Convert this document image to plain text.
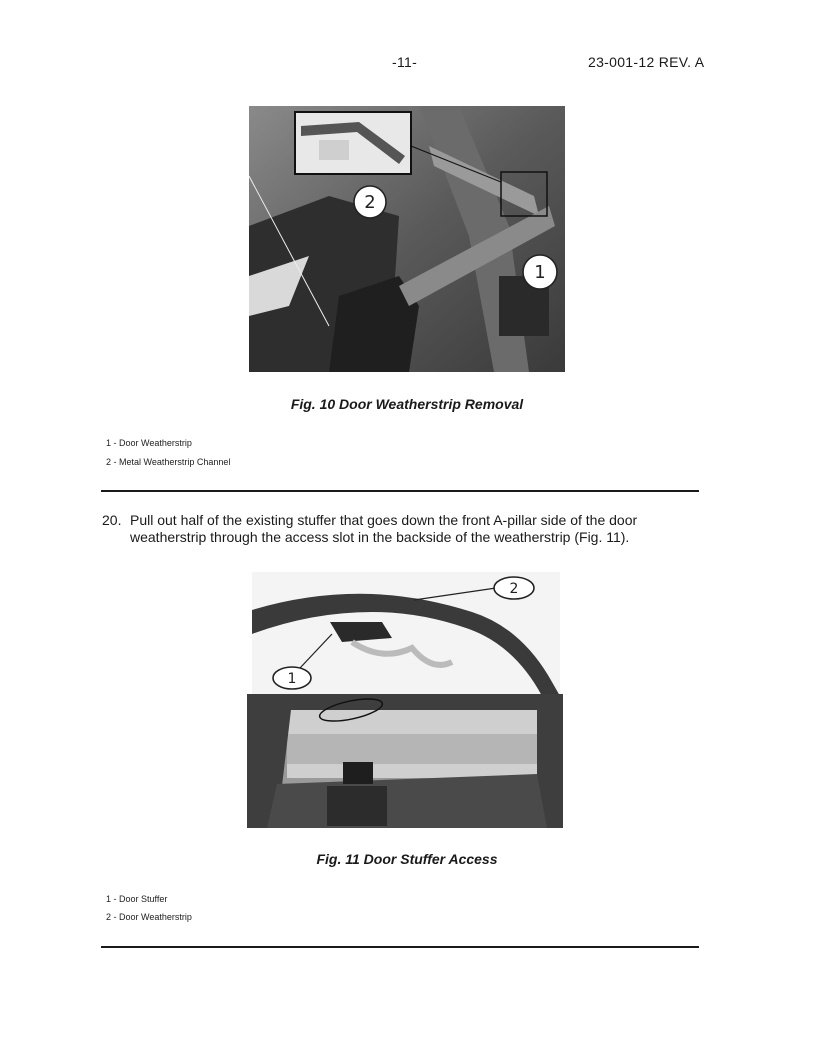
-11-	23-001-12 REV. A
2
1
Fig. 10 Door Weatherstrip Removal
1 - Door Weatherstrip
2 - Metal Weatherstrip Channel
20. Pull out half of the existing stuffer that goes down the front A-pillar side of the door
weatherstrip through the access slot in the backside of the weatherstrip (Fig. 11).
2
1
Fig. 11 Door Stuffer Access
1 - Door Stuffer
2 - Door Weatherstrip
